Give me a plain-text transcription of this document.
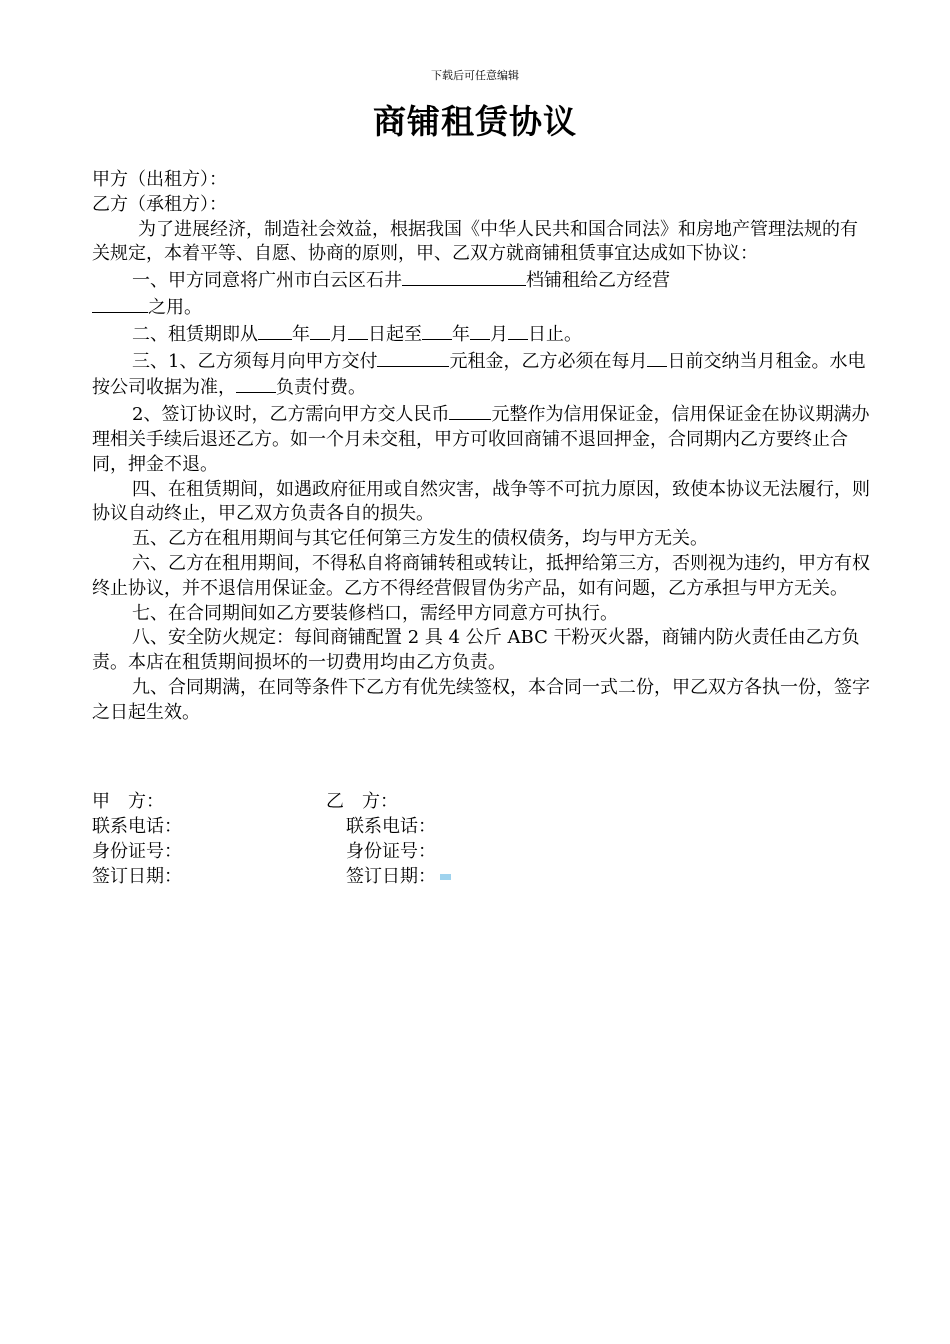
下载后可任意编辑
商铺租赁协议

甲方（出租方）：

乙方（承租方）：

为了进展经济，制造社会效益，根据我国《中华人民共和国合同法》和房地产管理法规的有关规定，本着平等、自愿、协商的原则，甲、乙双方就商铺租赁事宜达成如下协议：

一、甲方同意将广州市白云区石井	档铺租给乙方经营
之用。

二、租赁期即从 年 月 日起至 年 月 日止。

三、1、乙方须每月向甲方交付	元租金，乙方必须在每月 日前交纳当月租金。水电按公司收据为准， 负责付费。

2、签订协议时，乙方需向甲方交人民币 元整作为信用保证金，信用保证金在协议期满办理相关手续后退还乙方。如一个月未交租，甲方可收回商铺不退回押金，合同期内乙方要终止合同，押金不退。

四、在租赁期间，如遇政府征用或自然灾害，战争等不可抗力原因，致使本协议无法履行，则协议自动终止，甲乙双方负责各自的损失。

五、乙方在租用期间与其它任何第三方发生的债权债务，均与甲方无关。

六、乙方在租用期间，不得私自将商铺转租或转让，抵押给第三方，否则视为违约，甲方有权终止协议，并不退信用保证金。乙方不得经营假冒伪劣产品，如有问题，乙方承担与甲方无关。

七、在合同期间如乙方要装修档口，需经甲方同意方可执行。

八、安全防火规定：每间商铺配置 2 具 4 公斤 ABC 干粉灭火器，商铺内防火责任由乙方负责。本店在租赁期间损坏的一切费用均由乙方负责。

九、合同期满，在同等条件下乙方有优先续签权，本合同一式二份，甲乙双方各执一份，签字之日起生效。

甲　方：
联系电话：
身份证号：
签订日期：
乙　方：
联系电话：
身份证号：
签订日期：
